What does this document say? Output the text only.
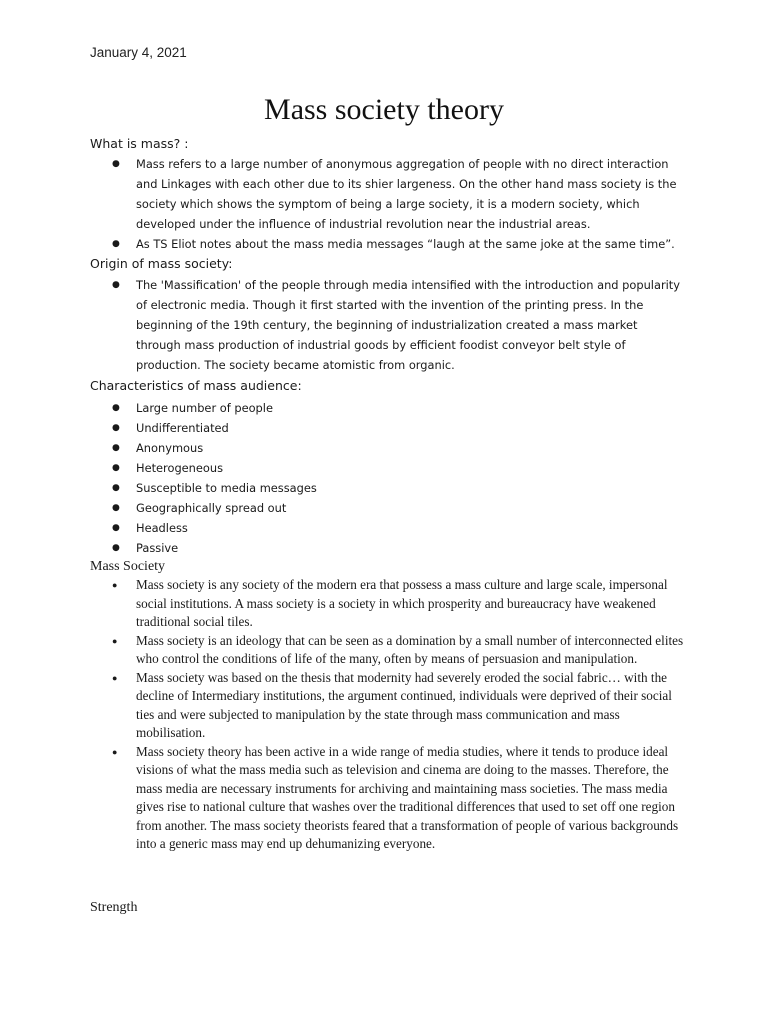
January 4, 2021
Mass society theory

What is mass? :

● Mass refers to a large number of anonymous aggregation of people with no direct interaction and Linkages with each other due to its shier largeness. On the other hand mass society is the society which shows the symptom of being a large society, it is a modern society, which developed under the influence of industrial revolution near the industrial areas.
● As TS Eliot notes about the mass media messages “laugh at the same joke at the same time”.

Origin of mass society:

● The 'Massification' of the people through media intensified with the introduction and popularity of electronic media. Though it first started with the invention of the printing press. In the beginning of the 19th century, the beginning of industrialization created a mass market through mass production of industrial goods by efficient foodist conveyor belt style of production. The society became atomistic from organic.

Characteristics of mass audience:

● Large number of people
● Undifferentiated
● Anonymous
● Heterogeneous
● Susceptible to media messages
● Geographically spread out
● Headless
● Passive

Mass Society

● Mass society is any society of the modern era that possess a mass culture and large scale, impersonal social institutions. A mass society is a society in which prosperity and bureaucracy have weakened traditional social tiles.
● Mass society is an ideology that can be seen as a domination by a small number of interconnected elites who control the conditions of life of the many, often by means of persuasion and manipulation.
● Mass society was based on the thesis that modernity had severely eroded the social fabric… with the decline of Intermediary institutions, the argument continued, individuals were deprived of their social ties and were subjected to manipulation by the state through mass communication and mass mobilisation.
● Mass society theory has been active in a wide range of media studies, where it tends to produce ideal visions of what the mass media such as television and cinema are doing to the masses. Therefore, the mass media are necessary instruments for archiving and maintaining mass societies. The mass media gives rise to national culture that washes over the traditional differences that used to set off one region from another. The mass society theorists feared that a transformation of people of various backgrounds into a generic mass may end up dehumanizing everyone.

Strength
